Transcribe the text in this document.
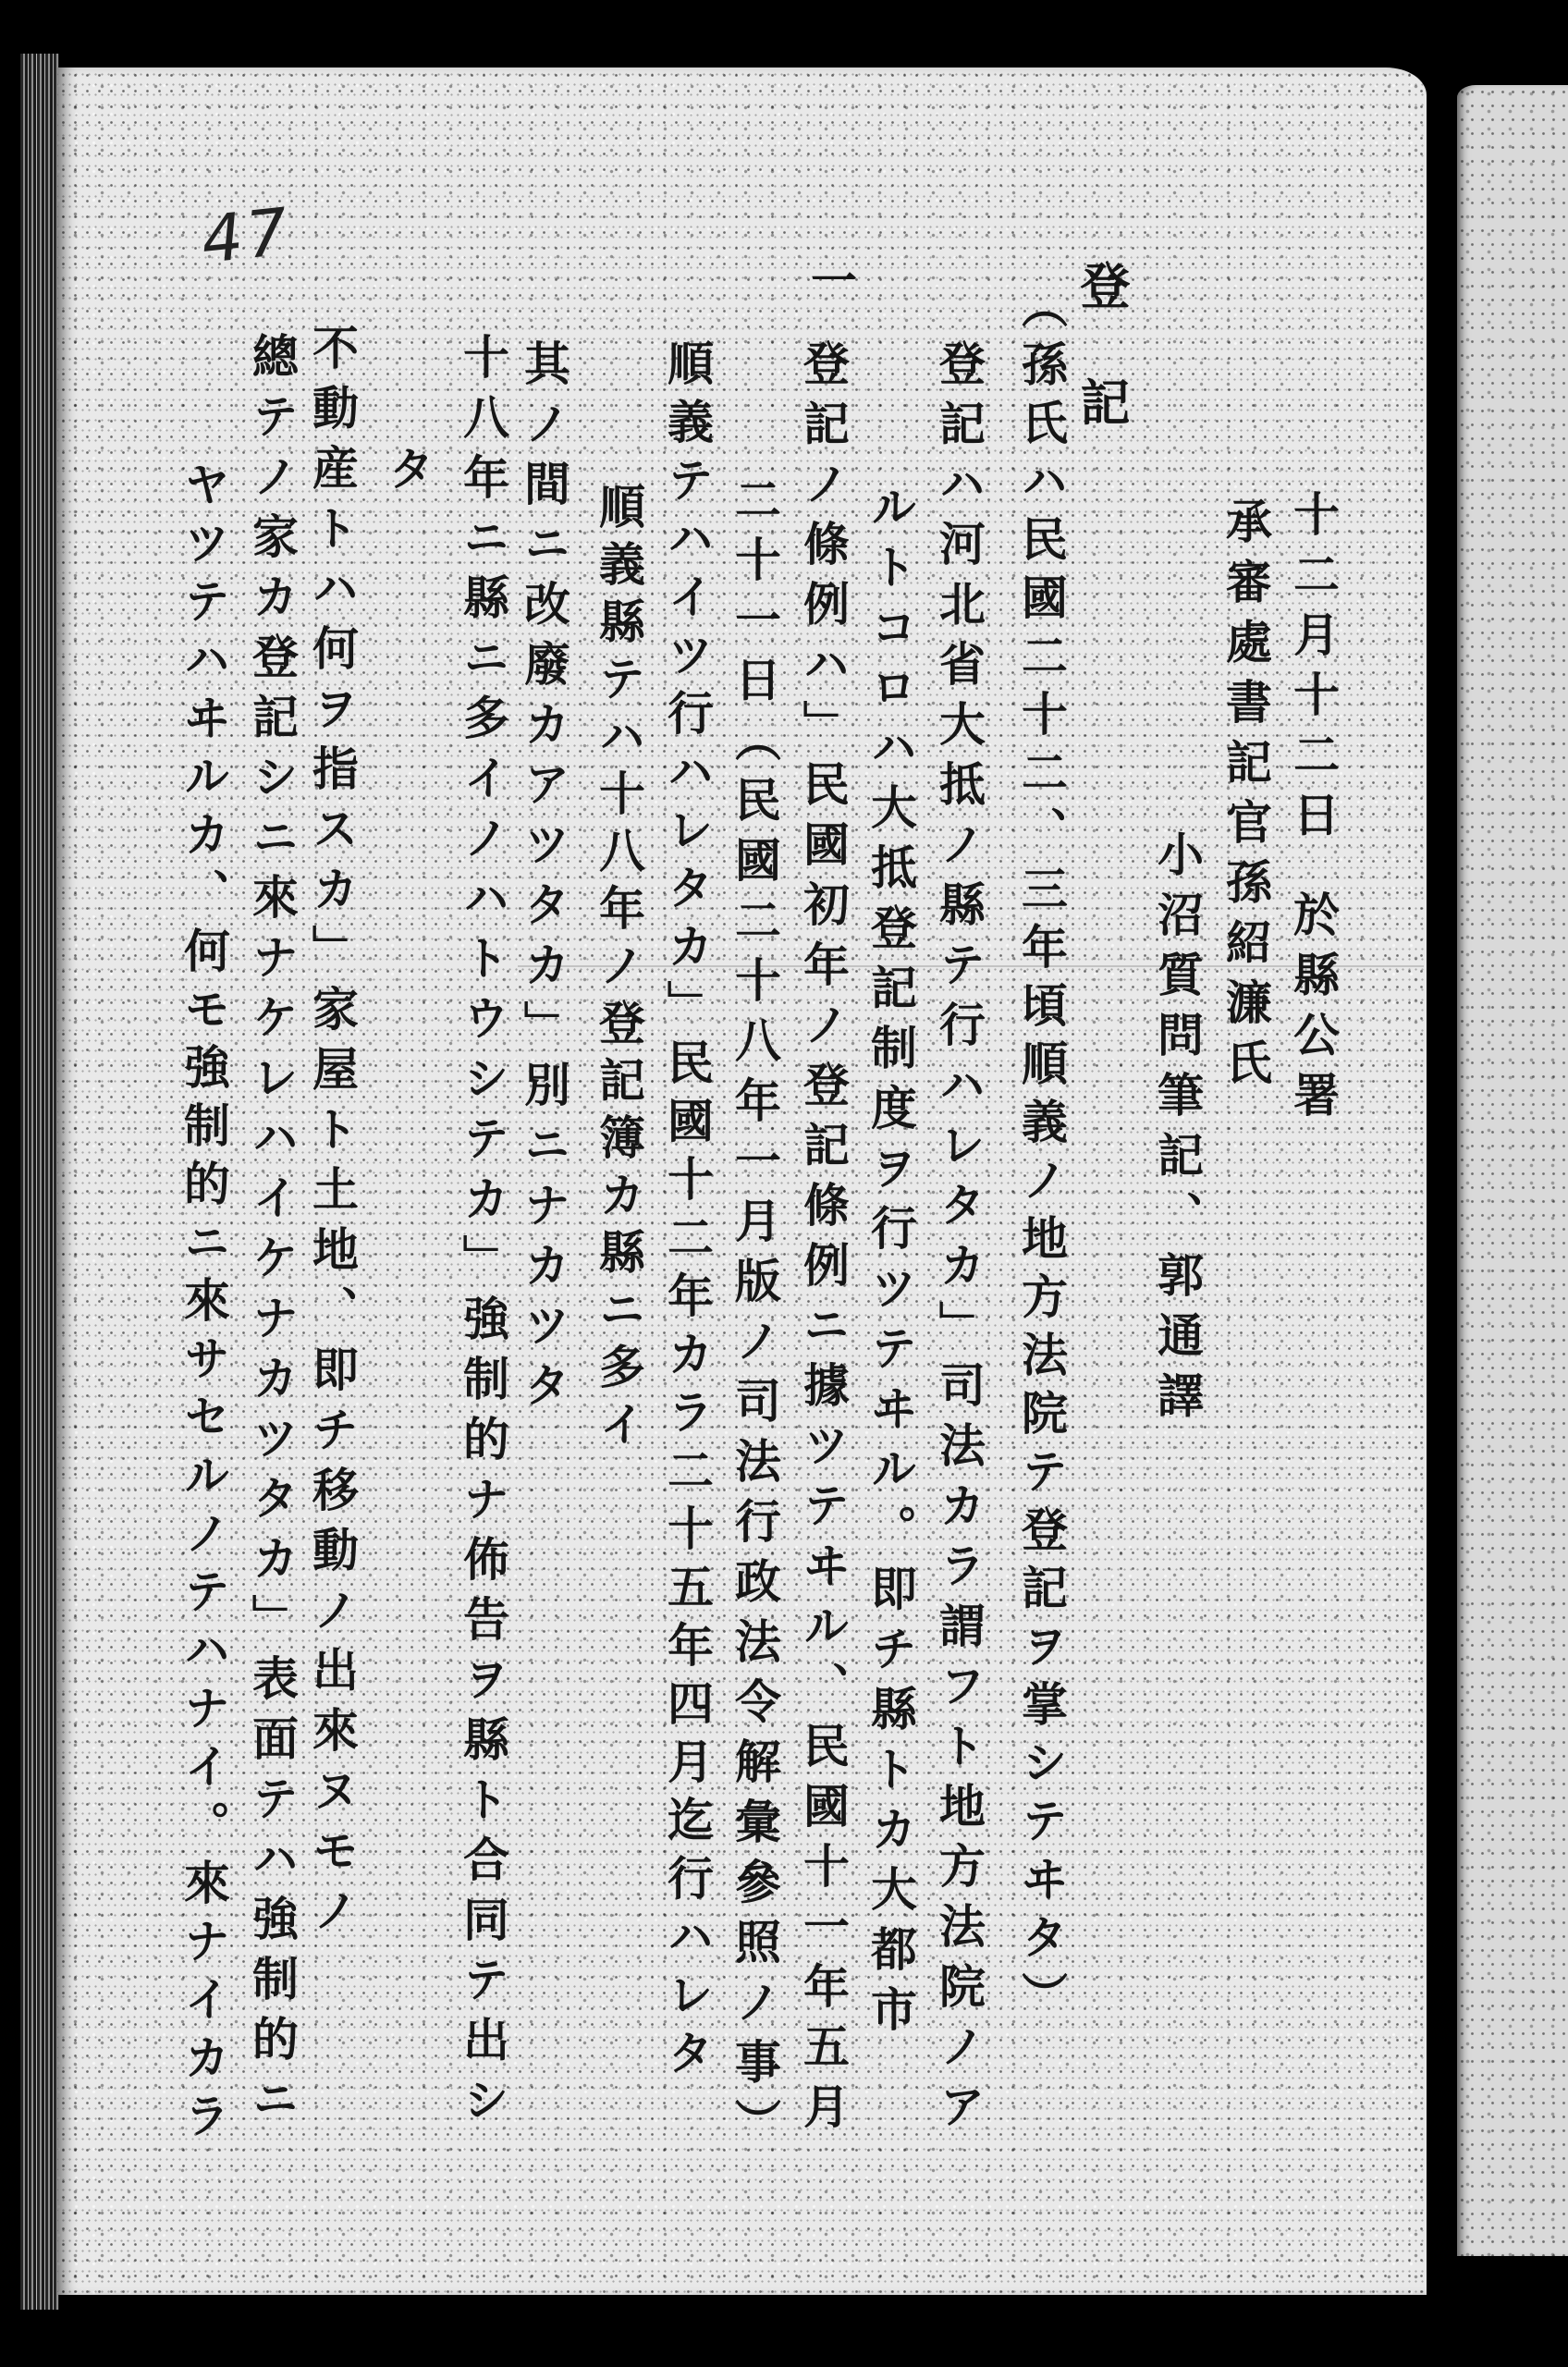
47
十二月十二日
於縣公署
承審處書記官孫紹濂氏
小沼質問筆記、郭通譯
登記
（孫氏ハ民國二十二、三年頃順義ノ地方法院テ登記ヲ掌シテヰタ）
登記ハ河北省大抵ノ縣テ行ハレタカ」司法カラ謂フト地方法院ノア
ルトコロハ大抵登記制度ヲ行ツテヰル。即チ縣トカ大都市
一
登記ノ條例ハ」民國初年ノ登記條例ニ據ツテヰル、民國十一年五月
二十一日（民國二十八年一月版ノ司法行政法令解彙參照ノ事）
順義テハイツ行ハレタカ」民國十二年カラ二十五年四月迄行ハレタ
順義縣テハ十八年ノ登記簿カ縣ニ多イ
其ノ間ニ改廢カアツタカ」別ニナカツタ
十八年ニ縣ニ多イノハトウシテカ」強制的ナ佈告ヲ縣ト合同テ出シ
タ
不動産トハ何ヲ指スカ」家屋ト土地、即チ移動ノ出來ヌモノ
總テノ家カ登記シニ來ナケレハイケナカツタカ」表面テハ強制的ニ
ヤツテハヰルカ、何モ強制的ニ來サセルノテハナイ。來ナイカラ
